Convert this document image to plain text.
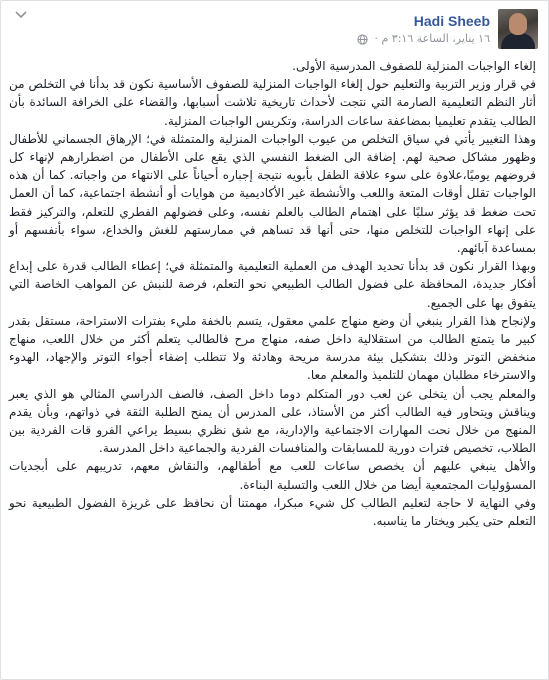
Hadi Sheeb
١٦ يناير، الساعة ٣:١٦ م ·

إلغاء الواجبات المنزلية للصفوف المدرسية الأولى.

في قرار وزير التربية والتعليم حول إلغاء الواجبات المنزلية للصفوف الأساسية نكون قد بدأنا في التخلص من أثار النظم التعليمية الصارمة التي نتجت لأحداث تاريخية تلاشت أسبابها، والقضاء على الخرافة السائدة بأن الطالب يتقدم تعليميا بمضاعفة ساعات الدراسة، وتكريس الواجبات المنزلية.

وهذا التغيير يأتي في سياق التخلص من عيوب الواجبات المنزلية والمتمثلة في؛ الإرهاق الجسماني للأطفال وظهور مشاكل صحية لهم. إضافة الى الضغط النفسي الذي يقع على الأطفال من اضطرارهم لإنهاء كل فروضهم يوميًا،علاوة على سوء علاقة الطفل بأبويه نتيجة إجباره أحياناً على الانتهاء من واجباته. كما أن هذه الواجبات تقلل أوقات المتعة واللعب والأنشطة غير الأكاديمية من هوايات أو أنشطة اجتماعية، كما أن العمل تحت ضغط قد يؤثر سلبًا على اهتمام الطالب بالعلم نفسه، وعلى فضولهم الفطري للتعلم، والتركيز فقط على إنهاء الواجبات للتخلص منها، حتى أنها قد تساهم في ممارستهم للغش والخداع، سواء بأنفسهم أو بمساعدة آبائهم.

وبهذا القرار نكون قد بدأنا تحديد الهدف من العملية التعليمية والمتمثلة في؛ إعطاء الطالب قدرة على إبداع أفكار جديدة، المحافظة على فضول الطالب الطبيعي نحو التعلم، فرصة للنبش عن المواهب الخاصة التي يتفوق بها على الجميع.

ولإنجاح هذا القرار ينبغي أن وضع منهاج علمي معقول، يتسم بالخفة مليء بفترات الاستراحة، مستقل بقدر كبير ما يتمتع الطالب من استقلالية داخل صفه، منهاج مرح فالطالب يتعلم أكثر من خلال اللعب، منهاج منخفض التوتر وذلك بتشكيل بيئة مدرسة مريحة وهادئة ولا تتطلب إضفاء أجواء التوتر والإجهاد، الهدوء والاسترخاء مطلبان مهمان للتلميذ والمعلم معا.

والمعلم يجب أن يتخلى عن لعب دور المتكلم دوما داخل الصف، فالصف الدراسي المثالي هو الذي يعبر ويناقش ويتحاور فيه الطالب أكثر من الأستاذ، على المدرس أن يمنح الطلبة الثقة في ذواتهم، وبأن يقدم المنهج من خلال نحت المهارات الاجتماعية والإدارية، مع شق نظري بسيط يراعي الفرو قات الفردية بين الطلاب، تخصيص فترات دورية للمسابقات والمنافسات الفردية والجماعية داخل المدرسة.

والأهل ينبغي عليهم أن يخصص ساعات للعب مع أطفالهم، والنقاش معهم، تدريبهم على أبجديات المسؤوليات المجتمعية أيضا من خلال اللعب والتسلية البناءة.

وفي النهاية لا حاجة لتعليم الطالب كل شيء مبكرا، مهمتنا أن نحافظ على غريزة الفضول الطبيعية نحو التعلم حتى يكبر ويختار ما يناسبه.
